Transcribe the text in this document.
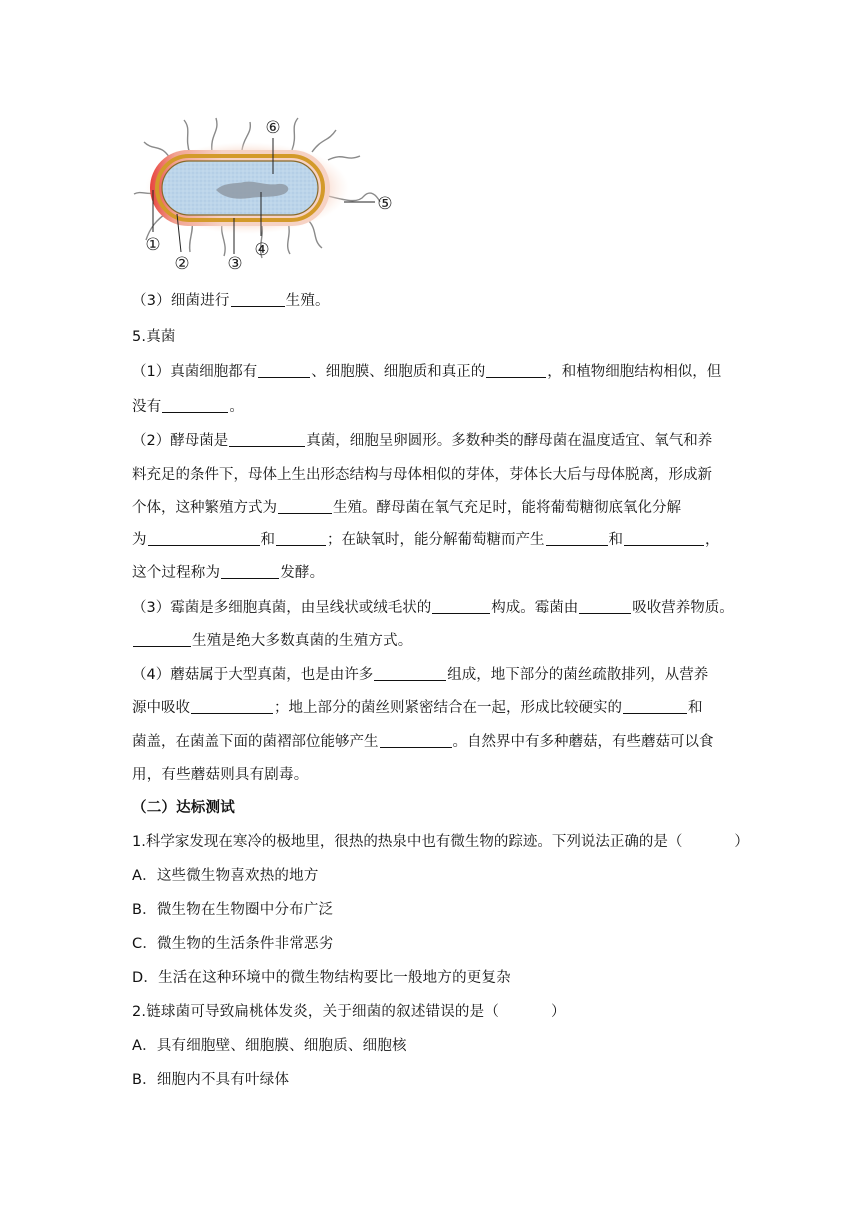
①
② ③
④
⑤
⑥
（3）细菌进行	生殖。
5.真菌
（1）真菌细胞都有	、细胞膜、细胞质和真正的	，和植物细胞结构相似，但
没有	。
（2）酵母菌是	真菌，细胞呈卵圆形。多数种类的酵母菌在温度适宜、氧气和养
料充足的条件下，母体上生出形态结构与母体相似的芽体，芽体长大后与母体脱离，形成新
个体，这种繁殖方式为	生殖。酵母菌在氧气充足时，能将葡萄糖彻底氧化分解
为	和	；在缺氧时，能分解葡萄糖而产生	和	，
这个过程称为	发酵。
（3）霉菌是多细胞真菌，由呈线状或绒毛状的	构成。霉菌由	吸收营养物质。
生殖是绝大多数真菌的生殖方式。
（4）蘑菇属于大型真菌，也是由许多	组成，地下部分的菌丝疏散排列，从营养
源中吸收	；地上部分的菌丝则紧密结合在一起，形成比较硬实的	和
菌盖，在菌盖下面的菌褶部位能够产生	。自然界中有多种蘑菇，有些蘑菇可以食
用，有些蘑菇则具有剧毒。
（二）达标测试
1.科学家发现在寒冷的极地里，很热的热泉中也有微生物的踪迹。下列说法正确的是（	）
A．这些微生物喜欢热的地方
B．微生物在生物圈中分布广泛
C．微生物的生活条件非常恶劣
D．生活在这种环境中的微生物结构要比一般地方的更复杂
2.链球菌可导致扁桃体发炎，关于细菌的叙述错误的是（	）
A．具有细胞壁、细胞膜、细胞质、细胞核
B．细胞内不具有叶绿体
